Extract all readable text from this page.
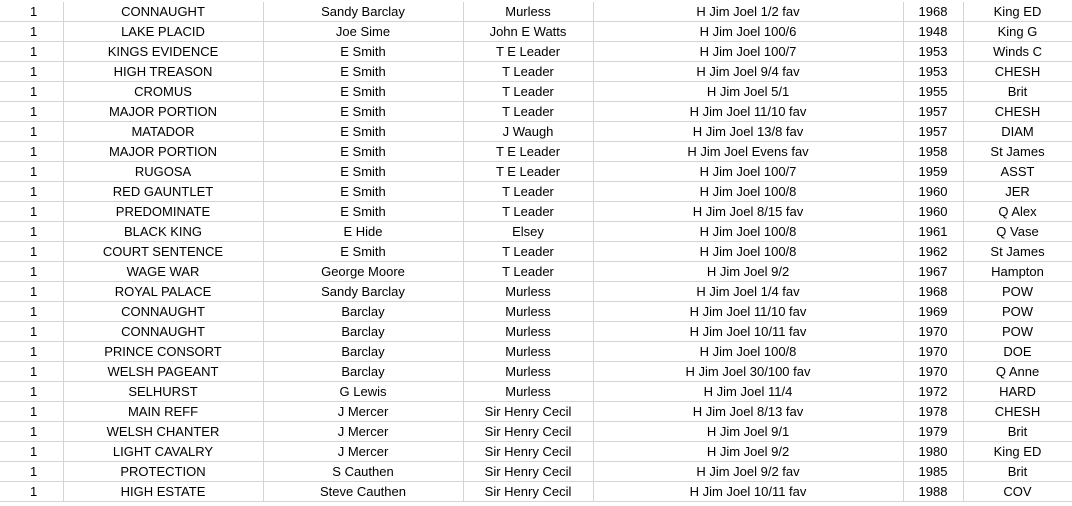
1	CONNAUGHT	Sandy Barclay	Murless	H Jim Joel 1/2 fav	1968	King ED
1	LAKE PLACID	Joe Sime	John E Watts	H Jim Joel 100/6	1948	King G
1	KINGS EVIDENCE	E Smith	T E Leader	H Jim Joel 100/7	1953	Winds C
1	HIGH TREASON	E Smith	T Leader	H Jim Joel 9/4 fav	1953	CHESH
1	CROMUS	E Smith	T Leader	H Jim Joel 5/1	1955	Brit
1	MAJOR PORTION	E Smith	T Leader	H Jim Joel 11/10 fav	1957	CHESH
1	MATADOR	E Smith	J Waugh	H Jim Joel 13/8 fav	1957	DIAM
1	MAJOR PORTION	E Smith	T E Leader	H Jim Joel Evens fav	1958	St James
1	RUGOSA	E Smith	T E Leader	H Jim Joel 100/7	1959	ASST
1	RED GAUNTLET	E Smith	T Leader	H Jim Joel 100/8	1960	JER
1	PREDOMINATE	E Smith	T Leader	H Jim Joel 8/15 fav	1960	Q Alex
1	BLACK KING	E Hide	Elsey	H Jim Joel 100/8	1961	Q Vase
1	COURT SENTENCE	E Smith	T Leader	H Jim Joel 100/8	1962	St James
1	WAGE WAR	George Moore	T Leader	H Jim Joel 9/2	1967	Hampton
1	ROYAL PALACE	Sandy Barclay	Murless	H Jim Joel 1/4 fav	1968	POW
1	CONNAUGHT	Barclay	Murless	H Jim Joel 11/10 fav	1969	POW
1	CONNAUGHT	Barclay	Murless	H Jim Joel 10/11 fav	1970	POW
1	PRINCE CONSORT	Barclay	Murless	H Jim Joel 100/8	1970	DOE
1	WELSH PAGEANT	Barclay	Murless	H Jim Joel 30/100 fav	1970	Q Anne
1	SELHURST	G Lewis	Murless	H Jim Joel 11/4	1972	HARD
1	MAIN REFF	J Mercer	Sir Henry Cecil	H Jim Joel 8/13 fav	1978	CHESH
1	WELSH CHANTER	J Mercer	Sir Henry Cecil	H Jim Joel 9/1	1979	Brit
1	LIGHT CAVALRY	J Mercer	Sir Henry Cecil	H Jim Joel 9/2	1980	King ED
1	PROTECTION	S Cauthen	Sir Henry Cecil	H Jim Joel 9/2 fav	1985	Brit
1	HIGH ESTATE	Steve Cauthen	Sir Henry Cecil	H Jim Joel 10/11 fav	1988	COV
